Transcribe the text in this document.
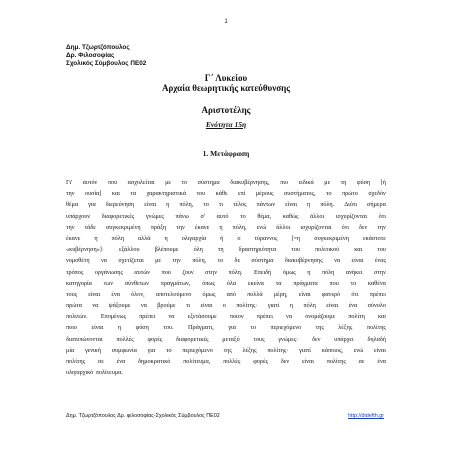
1
Δημ. Τζωρτζόπουλος
Δρ. Φιλοσοφίας
Σχολικός Σύμβουλος ΠΕ02
Γ΄ Λυκείου
Αρχαία θεωρητικής κατεύθυνσης
Αριστοτέλης
Ενότητα 15η
1. Μετάφραση
Γι' αυτόν που ασχολείται με το σύστημα διακυβέρνησης, πιο ειδικά με τη φύση [ή
την ουσία] και τα χαρακτηριστικά του κάθε επί μέρους συστήματος, το πρώτο σχεδόν
θέμα για διερεύνηση είναι η πόλη, το τι τέλος πάντων είναι η πόλη. Διότι σήμερα
υπάρχουν διαφορετικές γνώμες πάνω σ' αυτό το θέμα, καθώς άλλοι ισχυρίζονται ότι
την τάδε συγκεκριμένη πράξη την έκανε η πόλη, ενώ άλλοι ισχυρίζονται ότι δεν την
έκανε η πόλη αλλά η ολιγαρχία ή ο τύραννος [=η συγκεκριμένη εκάστοτε
«κυβέρνηση»]· εξάλλου βλέπουμε όλη τη δραστηριότητα του πολιτικού και του
νομοθέτη να σχετίζεται με την πόλη, το δε σύστημα διακυβέρνησης να είναι ένας
τρόπος οργάνωσης αυτών που ζουν στην πόλη. Επειδή όμως η πόλη ανήκει στην
κατηγορία των σύνθετων πραγμάτων, όπως όλα εκείνα τα πράγματα που το καθένα
τους είναι ένα όλον, αποτελούμενο όμως από πολλά μέρη, είναι φανερό ότι πρέπει
πρώτα να ψάξουμε να βρούμε τι είναι ο πολίτης· γιατί η πόλη είναι ένα σύνολο
πολιτών. Επομένως πρέπει να εξετάσουμε ποιον πρέπει να ονομάζουμε πολίτη και
ποιο είναι η φύση του. Πράγματι, για το περιεχόμενο της λέξης πολίτης
διατυπώνονται πολλές φορές διαφορετικές μεταξύ τους γνώμες· δεν υπάρχει δηλαδή
μία γενική συμφωνία για το περιεχόμενο της λέξης πολίτης· γιατί κάποιος, ενώ είναι
πολίτης σε ένα δημοκρατικό πολίτευμα, πολλές φορές δεν είναι πολίτης σε ένα
ολιγαρχικό πολίτευμα.
Δημ. Τζωρτζόπουλος Δρ. φιλοσοφίας-Σχολικός Σύμβουλος ΠΕ02	http://didefth.gr
